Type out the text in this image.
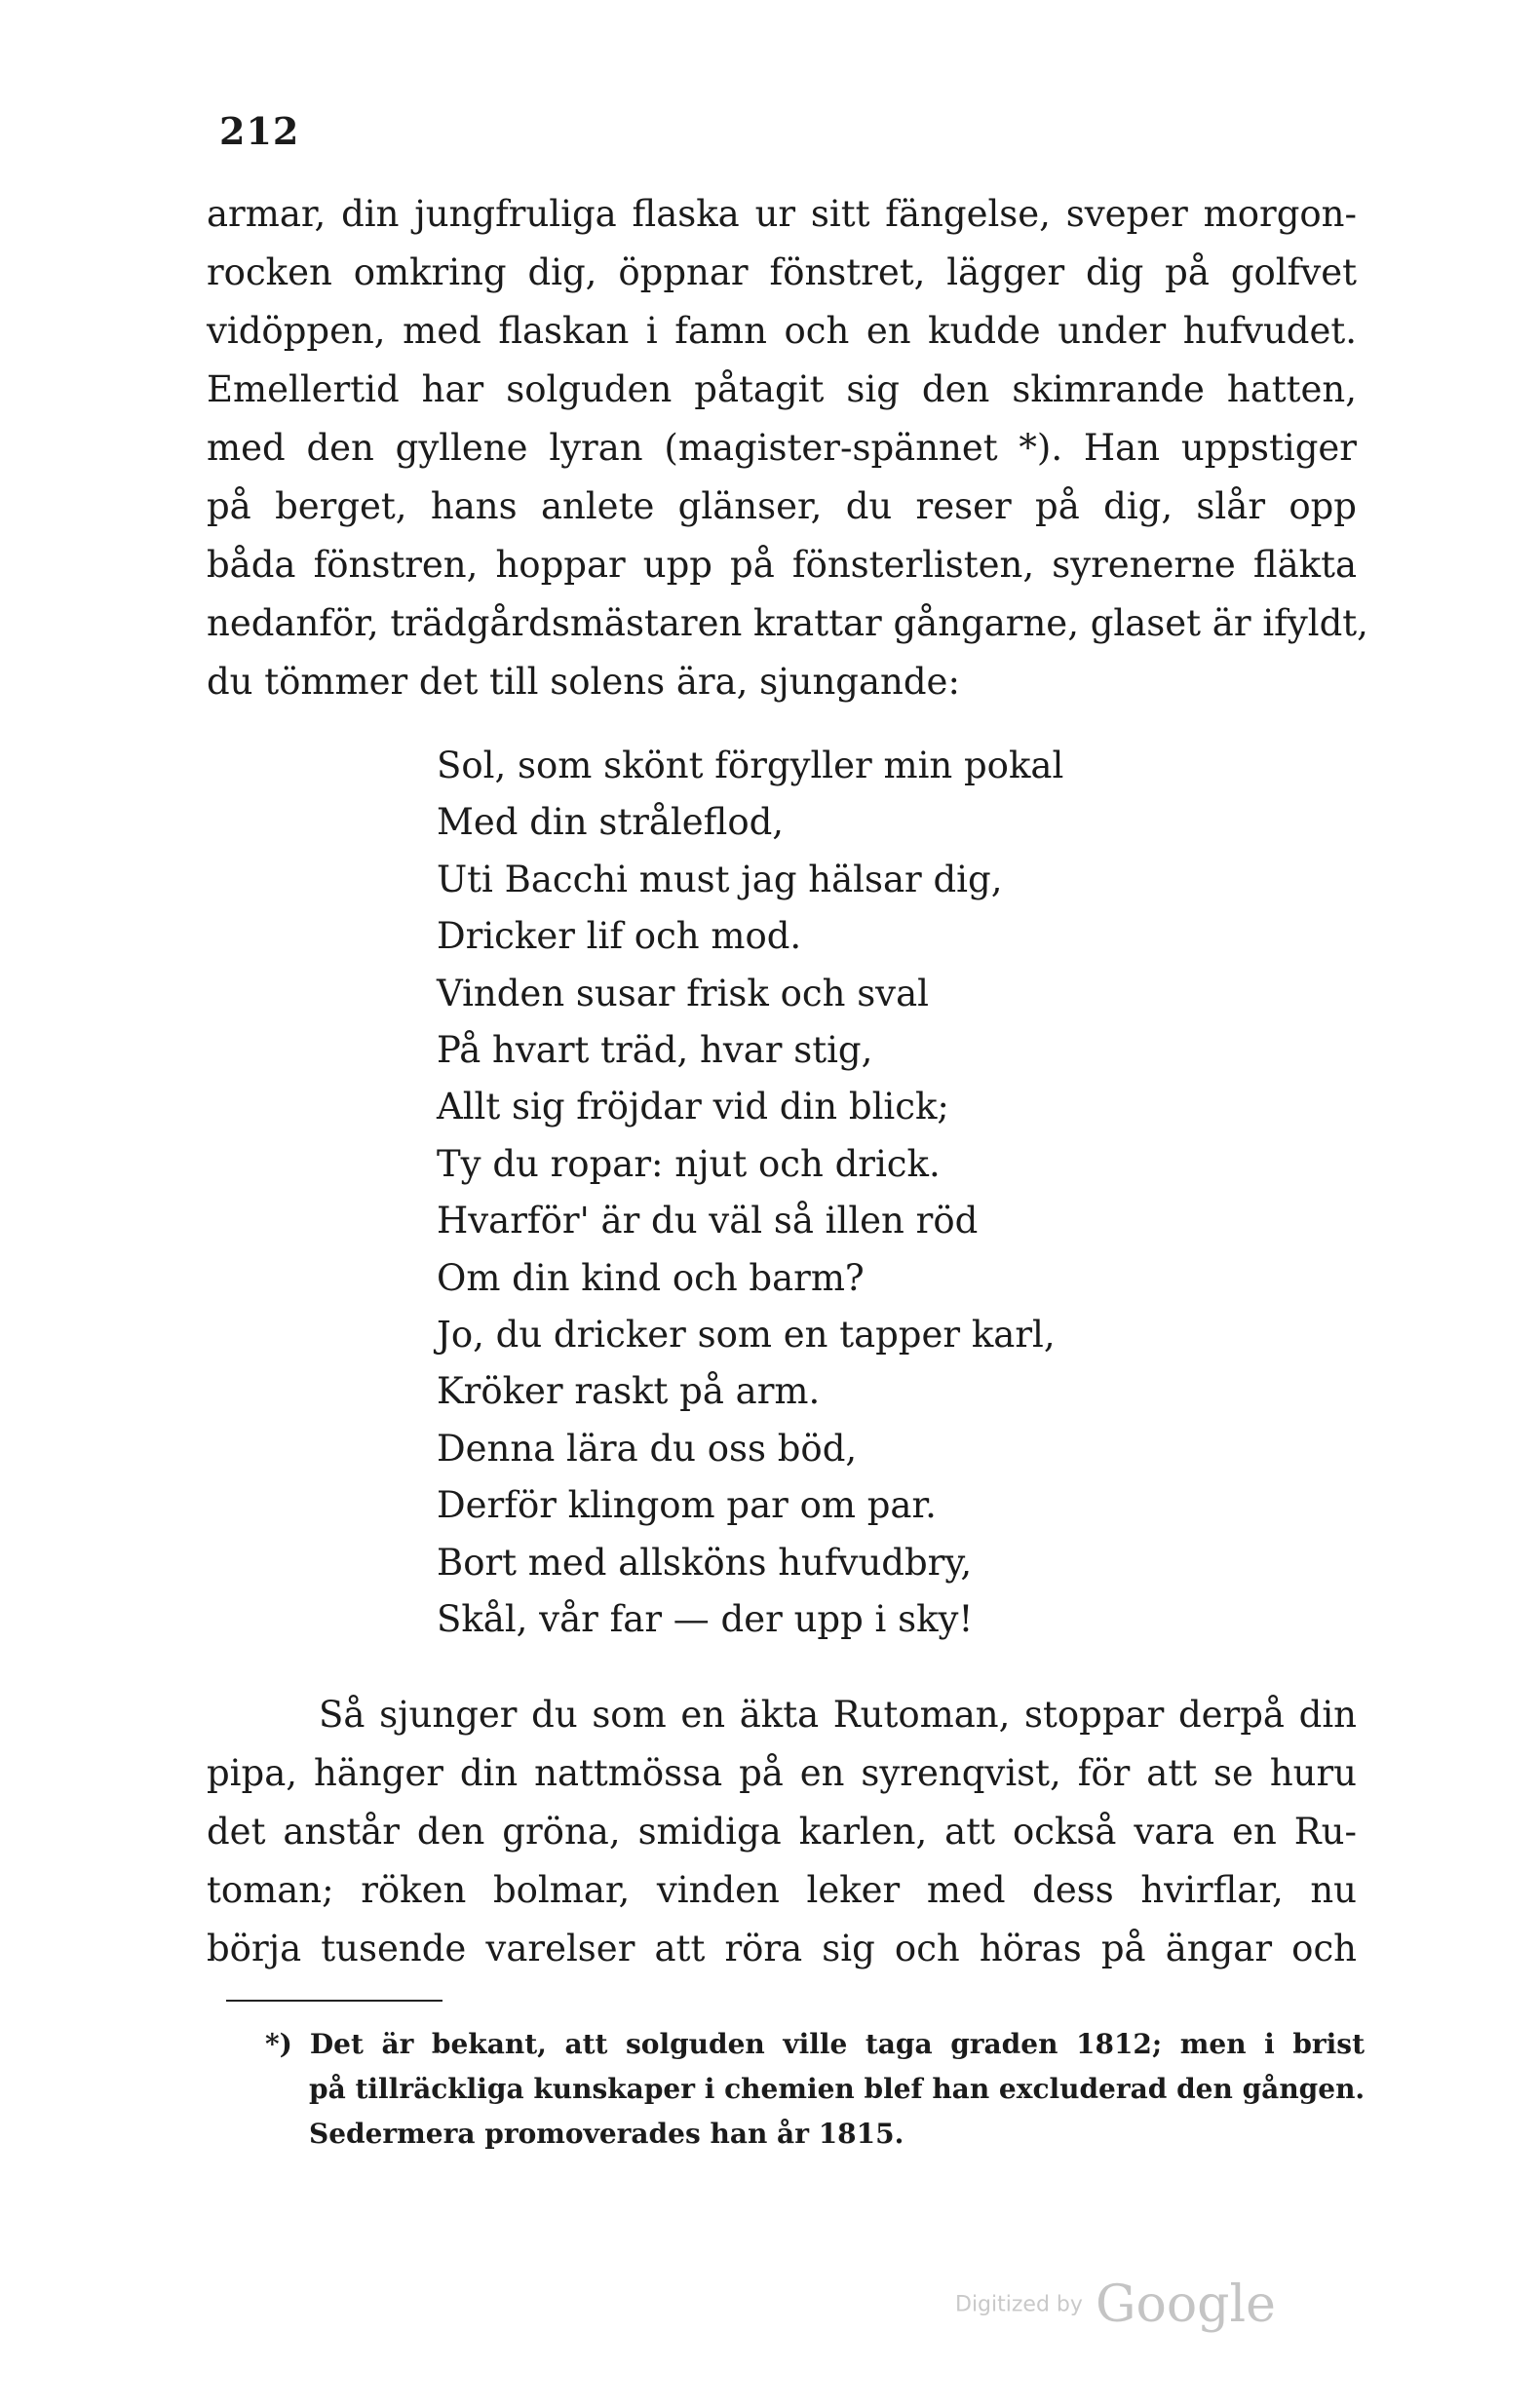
212
armar, din jungfruliga flaska ur sitt fängelse, sveper morgon-
rocken omkring dig, öppnar fönstret, lägger dig på golfvet
vidöppen, med flaskan i famn och en kudde under hufvudet.
Emellertid har solguden påtagit sig den skimrande hatten,
med den gyllene lyran (magister-spännet *). Han uppstiger
på berget, hans anlete glänser, du reser på dig, slår opp
båda fönstren, hoppar upp på fönsterlisten, syrenerne fläkta
nedanför, trädgårdsmästaren krattar gångarne, glaset är ifyldt,
du tömmer det till solens ära, sjungande:
Sol, som skönt förgyller min pokal
Med din stråleflod,
Uti Bacchi must jag hälsar dig,
Dricker lif och mod.
Vinden susar frisk och sval
På hvart träd, hvar stig,
Allt sig fröjdar vid din blick;
Ty du ropar: njut och drick.
Hvarför' är du väl så illen röd
Om din kind och barm?
Jo, du dricker som en tapper karl,
Kröker raskt på arm.
Denna lära du oss böd,
Derför klingom par om par.
Bort med allsköns hufvudbry,
Skål, vår far — der upp i sky!
Så sjunger du som en äkta Rutoman, stoppar derpå din
pipa, hänger din nattmössa på en syrenqvist, för att se huru
det anstår den gröna, smidiga karlen, att också vara en Ru-
toman; röken bolmar, vinden leker med dess hvirflar, nu
börja tusende varelser att röra sig och höras på ängar och
*) Det är bekant, att solguden ville taga graden 1812; men i brist
på tillräckliga kunskaper i chemien blef han excluderad den gången.
Sedermera promoverades han år 1815.
Digitized by Google
